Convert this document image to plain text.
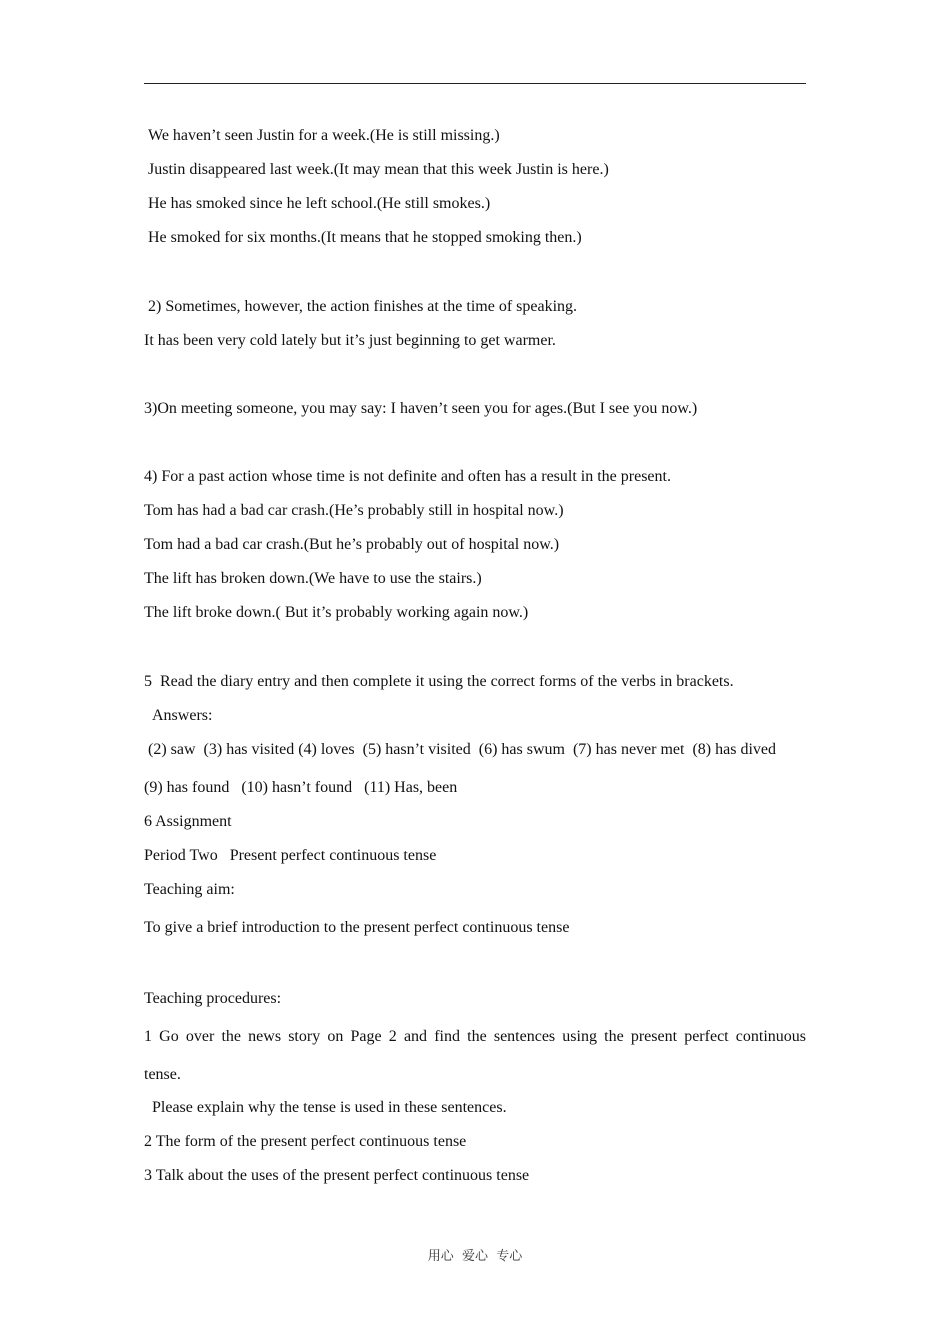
We haven’t seen Justin for a week.(He is still missing.)
Justin disappeared last week.(It may mean that this week Justin is here.)
He has smoked since he left school.(He still smokes.)
He smoked for six months.(It means that he stopped smoking then.)
2) Sometimes, however, the action finishes at the time of speaking.
It has been very cold lately but it’s just beginning to get warmer.
3)On meeting someone, you may say: I haven’t seen you for ages.(But I see you now.)
4) For a past action whose time is not definite and often has a result in the present.
Tom has had a bad car crash.(He’s probably still in hospital now.)
Tom had a bad car crash.(But he’s probably out of hospital now.)
The lift has broken down.(We have to use the stairs.)
The lift broke down.( But it’s probably working again now.)
5  Read the diary entry and then complete it using the correct forms of the verbs in brackets.
Answers:
(2) saw  (3) has visited (4) loves  (5) hasn’t visited  (6) has swum  (7) has never met  (8) has dived
(9) has found   (10) hasn’t found   (11) Has, been
6 Assignment
Period Two   Present perfect continuous tense
Teaching aim:
To give a brief introduction to the present perfect continuous tense
Teaching procedures:
1 Go over the news story on Page 2 and find the sentences using the present perfect continuous
tense.
Please explain why the tense is used in these sentences.
2 The form of the present perfect continuous tense
3 Talk about the uses of the present perfect continuous tense
用心  爱心  专心
